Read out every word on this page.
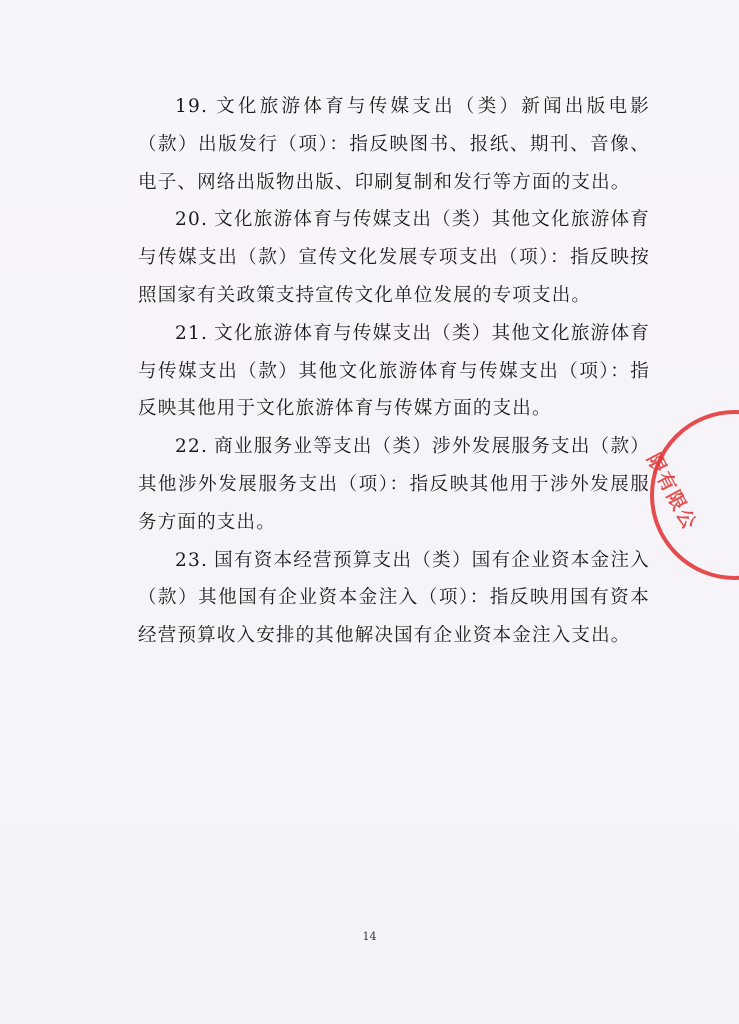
19. 文化旅游体育与传媒支出（类）新闻出版电影（款）出版发行（项）：指反映图书、报纸、期刊、音像、电子、网络出版物出版、印刷复制和发行等方面的支出。

20. 文化旅游体育与传媒支出（类）其他文化旅游体育与传媒支出（款）宣传文化发展专项支出（项）：指反映按照国家有关政策支持宣传文化单位发展的专项支出。

21. 文化旅游体育与传媒支出（类）其他文化旅游体育与传媒支出（款）其他文化旅游体育与传媒支出（项）：指反映其他用于文化旅游体育与传媒方面的支出。

22. 商业服务业等支出（类）涉外发展服务支出（款）其他涉外发展服务支出（项）：指反映其他用于涉外发展服务方面的支出。

23. 国有资本经营预算支出（类）国有企业资本金注入（款）其他国有企业资本金注入（项）：指反映用国有资本经营预算收入安排的其他解决国有企业资本金注入支出。

限有限公
14
